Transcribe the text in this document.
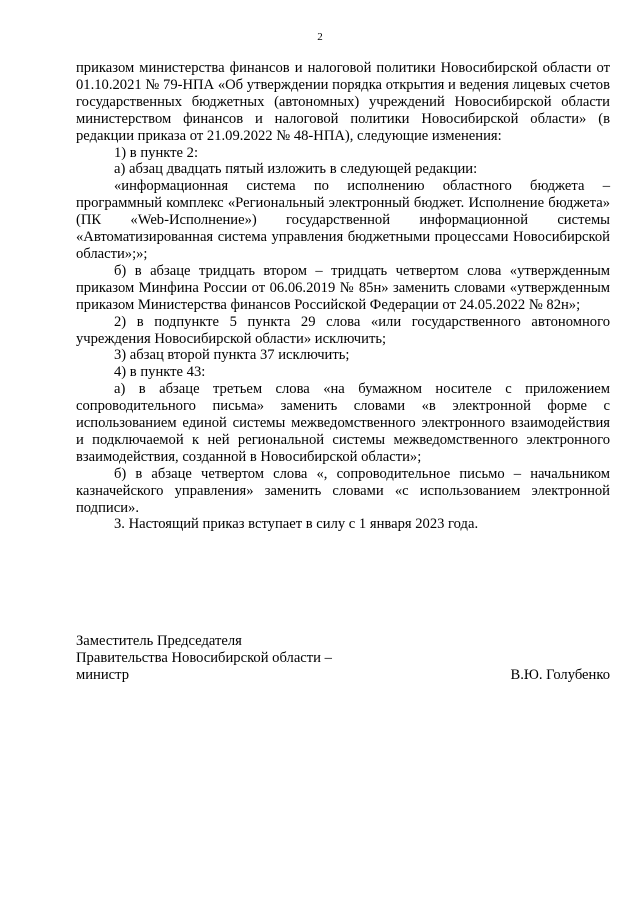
2

приказом министерства финансов и налоговой политики Новосибирской области от 01.10.2021 № 79-НПА «Об утверждении порядка открытия и ведения лицевых счетов государственных бюджетных (автономных) учреждений Новосибирской области министерством финансов и налоговой политики Новосибирской области» (в редакции приказа от 21.09.2022 № 48-НПА), следующие изменения:

1) в пункте 2:

а) абзац двадцать пятый изложить в следующей редакции:

«информационная система по исполнению областного бюджета – программный комплекс «Региональный электронный бюджет. Исполнение бюджета» (ПК «Web-Исполнение») государственной информационной системы «Автоматизированная система управления бюджетными процессами Новосибирской области»;»;

б) в абзаце тридцать втором – тридцать четвертом слова «утвержденным приказом Минфина России от 06.06.2019 № 85н» заменить словами «утвержденным приказом Министерства финансов Российской Федерации от 24.05.2022 № 82н»;

2) в подпункте 5 пункта 29 слова «или государственного автономного учреждения Новосибирской области» исключить;

3) абзац второй пункта 37 исключить;

4) в пункте 43:

а) в абзаце третьем слова «на бумажном носителе с приложением сопроводительного письма» заменить словами «в электронной форме с использованием единой системы межведомственного электронного взаимодействия и подключаемой к ней региональной системы межведомственного электронного взаимодействия, созданной в Новосибирской области»;

б) в абзаце четвертом слова «, сопроводительное письмо – начальником казначейского управления» заменить словами «с использованием электронной подписи».

3. Настоящий приказ вступает в силу с 1 января 2023 года.

Заместитель Председателя
Правительства Новосибирской области –
министр	В.Ю. Голубенко
